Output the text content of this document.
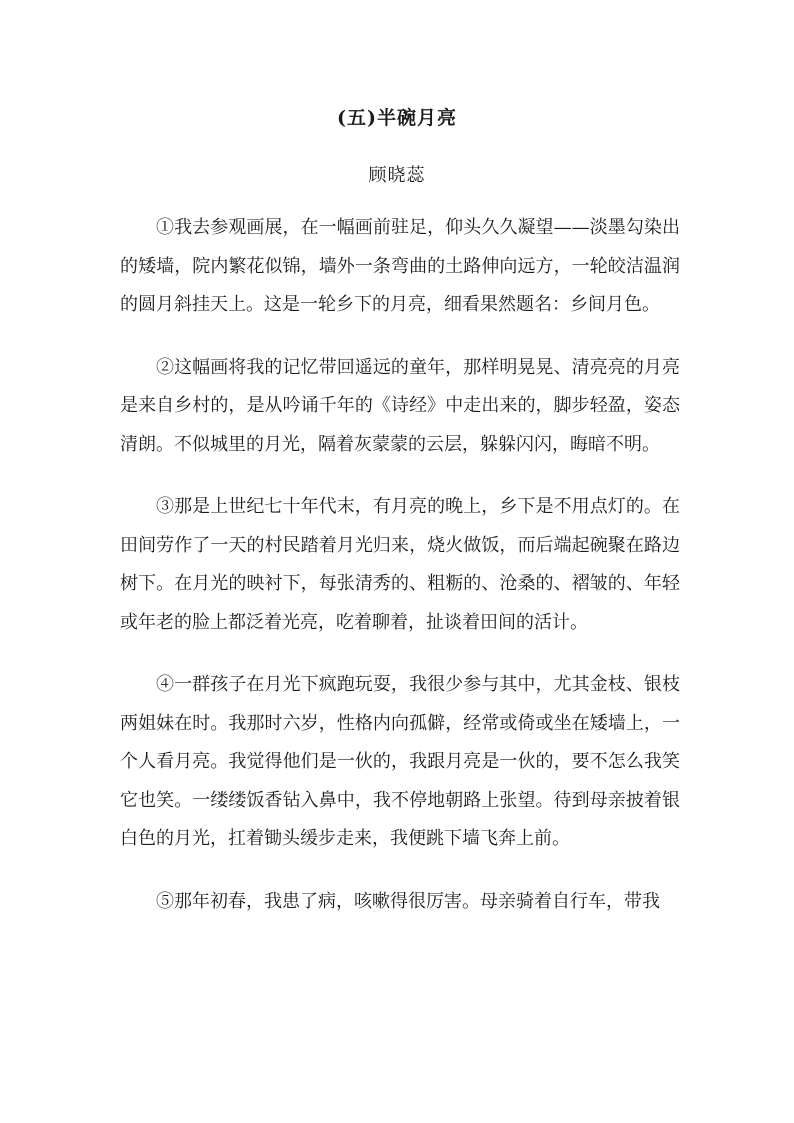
(五)半碗月亮
顾晓蕊

①我去参观画展，在一幅画前驻足，仰头久久凝望——淡墨勾染出的矮墙，院内繁花似锦，墙外一条弯曲的土路伸向远方，一轮皎洁温润的圆月斜挂天上。这是一轮乡下的月亮，细看果然题名：乡间月色。

②这幅画将我的记忆带回遥远的童年，那样明晃晃、清亮亮的月亮是来自乡村的，是从吟诵千年的《诗经》中走出来的，脚步轻盈，姿态清朗。不似城里的月光，隔着灰蒙蒙的云层，躲躲闪闪，晦暗不明。

③那是上世纪七十年代末，有月亮的晚上，乡下是不用点灯的。在田间劳作了一天的村民踏着月光归来，烧火做饭，而后端起碗聚在路边树下。在月光的映衬下，每张清秀的、粗粝的、沧桑的、褶皱的、年轻或年老的脸上都泛着光亮，吃着聊着，扯谈着田间的活计。

④一群孩子在月光下疯跑玩耍，我很少参与其中，尤其金枝、银枝两姐妹在时。我那时六岁，性格内向孤僻，经常或倚或坐在矮墙上，一个人看月亮。我觉得他们是一伙的，我跟月亮是一伙的，要不怎么我笑它也笑。一缕缕饭香钻入鼻中，我不停地朝路上张望。待到母亲披着银白色的月光，扛着锄头缓步走来，我便跳下墙飞奔上前。

⑤那年初春，我患了病，咳嗽得很厉害。母亲骑着自行车，带我
